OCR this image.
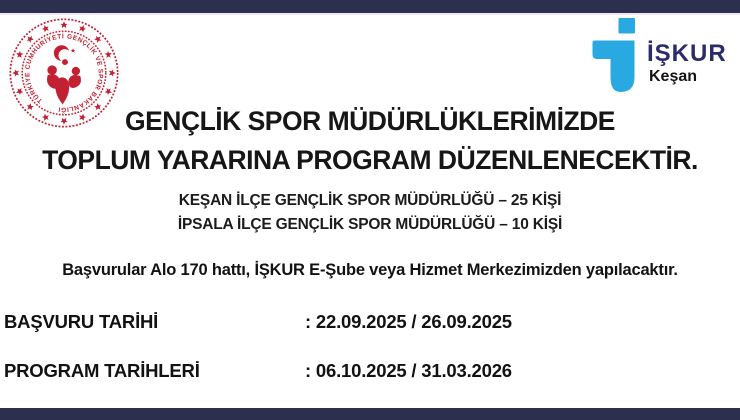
TÜRKİYE CUMHURİYETİ GENÇLİK VE SPOR BAKANLIĞI
İŞKUR
Keşan
GENÇLİK SPOR MÜDÜRLÜKLERİMİZDE
TOPLUM YARARINA PROGRAM DÜZENLENECEKTİR.
KEŞAN İLÇE GENÇLİK SPOR MÜDÜRLÜĞÜ – 25 KİŞİ
İPSALA İLÇE GENÇLİK SPOR MÜDÜRLÜĞÜ – 10 KİŞİ
Başvurular Alo 170 hattı, İŞKUR E-Şube veya Hizmet Merkezimizden yapılacaktır.
BAŞVURU TARİHİ	: 22.09.2025 / 26.09.2025
PROGRAM TARİHLERİ	: 06.10.2025 / 31.03.2026
